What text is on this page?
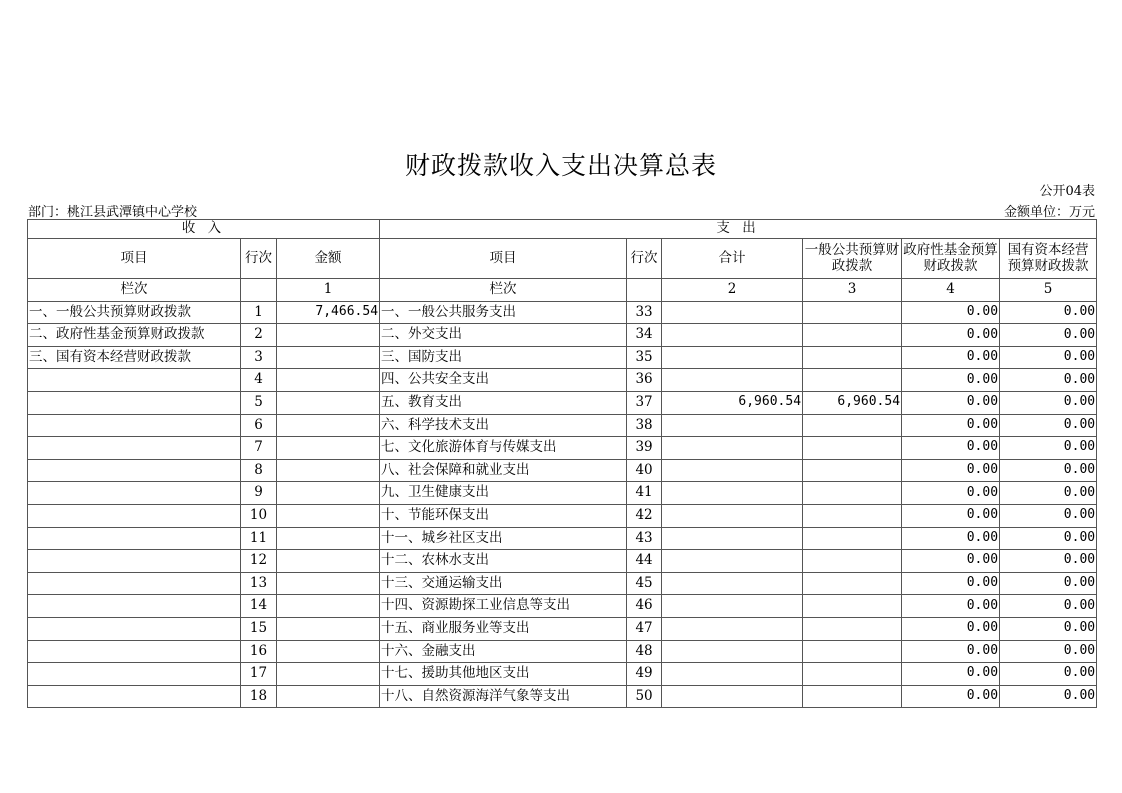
财政拨款收入支出决算总表
公开04表
部门：桃江县武潭镇中心学校	金额单位：万元
收 入			支 出					
项目	行次	金额	项目	行次	合计	一般公共预算财政拨款	政府性基金预算财政拨款	国有资本经营预算财政拨款
栏次		1	栏次		2	3	4	5
一、一般公共预算财政拨款	1	7,466.54	一、一般公共服务支出	33			0.00	0.00
二、政府性基金预算财政拨款	2		二、外交支出	34			0.00	0.00
三、国有资本经营财政拨款	3		三、国防支出	35			0.00	0.00
	4		四、公共安全支出	36			0.00	0.00
	5		五、教育支出	37	6,960.54	6,960.54	0.00	0.00
	6		六、科学技术支出	38			0.00	0.00
	7		七、文化旅游体育与传媒支出	39			0.00	0.00
	8		八、社会保障和就业支出	40			0.00	0.00
	9		九、卫生健康支出	41			0.00	0.00
	10		十、节能环保支出	42			0.00	0.00
	11		十一、城乡社区支出	43			0.00	0.00
	12		十二、农林水支出	44			0.00	0.00
	13		十三、交通运输支出	45			0.00	0.00
	14		十四、资源勘探工业信息等支出	46			0.00	0.00
	15		十五、商业服务业等支出	47			0.00	0.00
	16		十六、金融支出	48			0.00	0.00
	17		十七、援助其他地区支出	49			0.00	0.00
	18		十八、自然资源海洋气象等支出	50			0.00	0.00
